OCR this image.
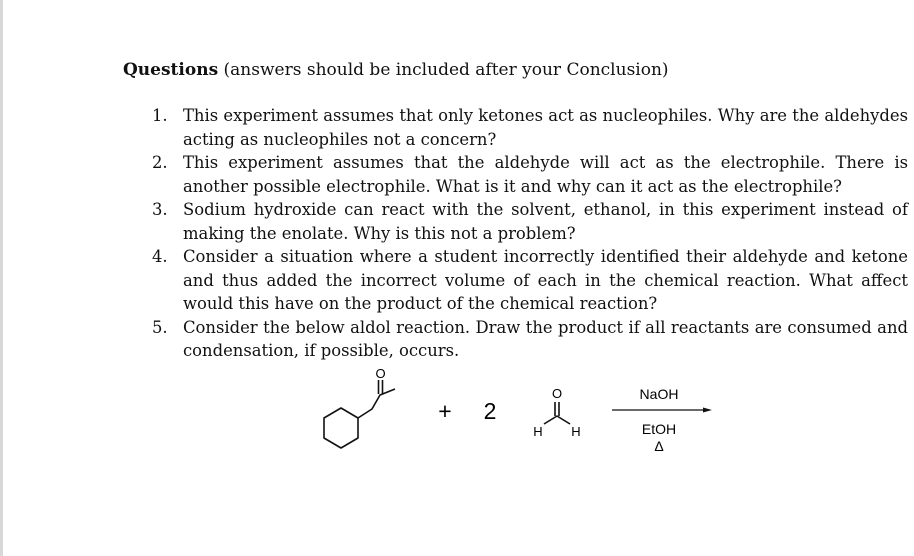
Questions (answers should be included after your Conclusion)
1. This experiment assumes that only ketones act as nucleophiles. Why are the aldehydes acting as nucleophiles not a concern?
2. This experiment assumes that the aldehyde will act as the electrophile. There is another possible electrophile. What is it and why can it act as the electrophile?
3. Sodium hydroxide can react with the solvent, ethanol, in this experiment instead of making the enolate. Why is this not a problem?
4. Consider a situation where a student incorrectly identified their aldehyde and ketone and thus added the incorrect volume of each in the chemical reaction. What affect would this have on the product of the chemical reaction?
5. Consider the below aldol reaction. Draw the product if all reactants are consumed and condensation, if possible, occurs.
O
+ 2
O
H H
NaOH
EtOH
Δ
